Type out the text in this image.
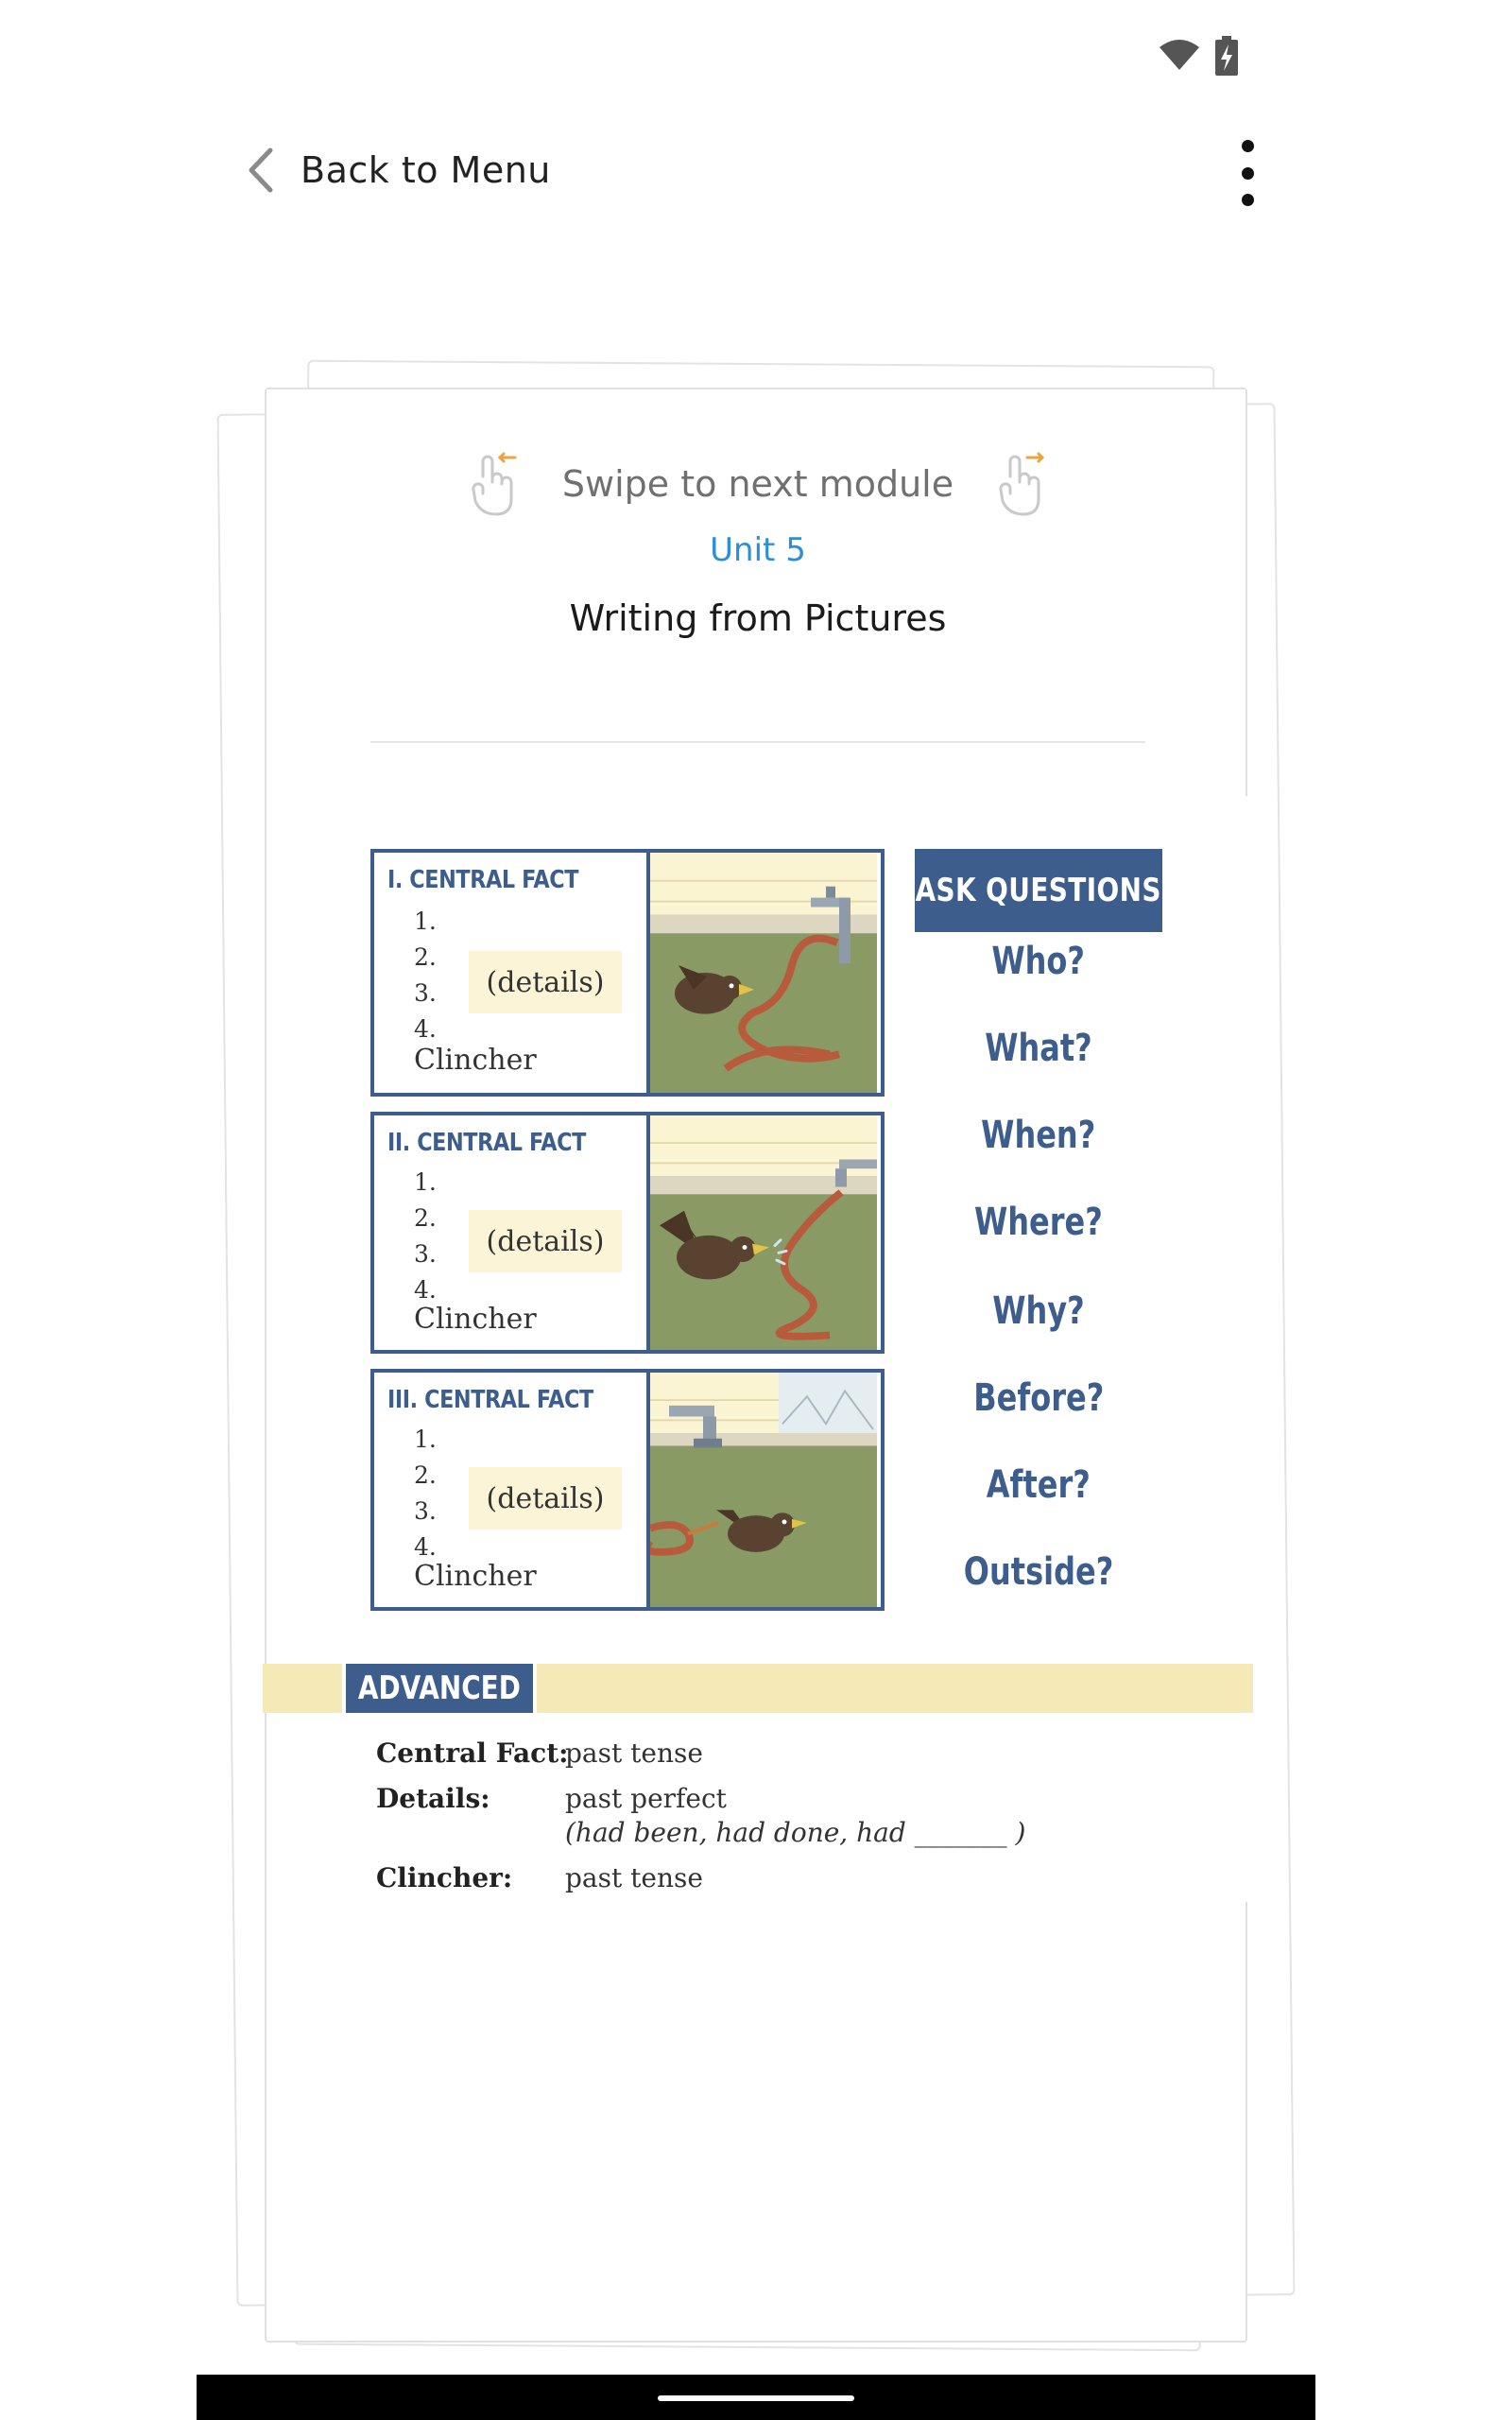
Back to Menu
Swipe to next module
Unit 5
Writing from Pictures
I. CENTRAL FACT
1.
2.
3.
4.
(details)
Clincher
II. CENTRAL FACT
1.
2.
3.
4.
(details)
Clincher
III. CENTRAL FACT
1.
2.
3.
4.
(details)
Clincher
ASK QUESTIONS
Who?
What?
When?
Where?
Why?
Before?
After?
Outside?
ADVANCED
Central Fact:
past tense
Details:	past perfect
(had been, had done, had _______ )
Clincher: past tense
